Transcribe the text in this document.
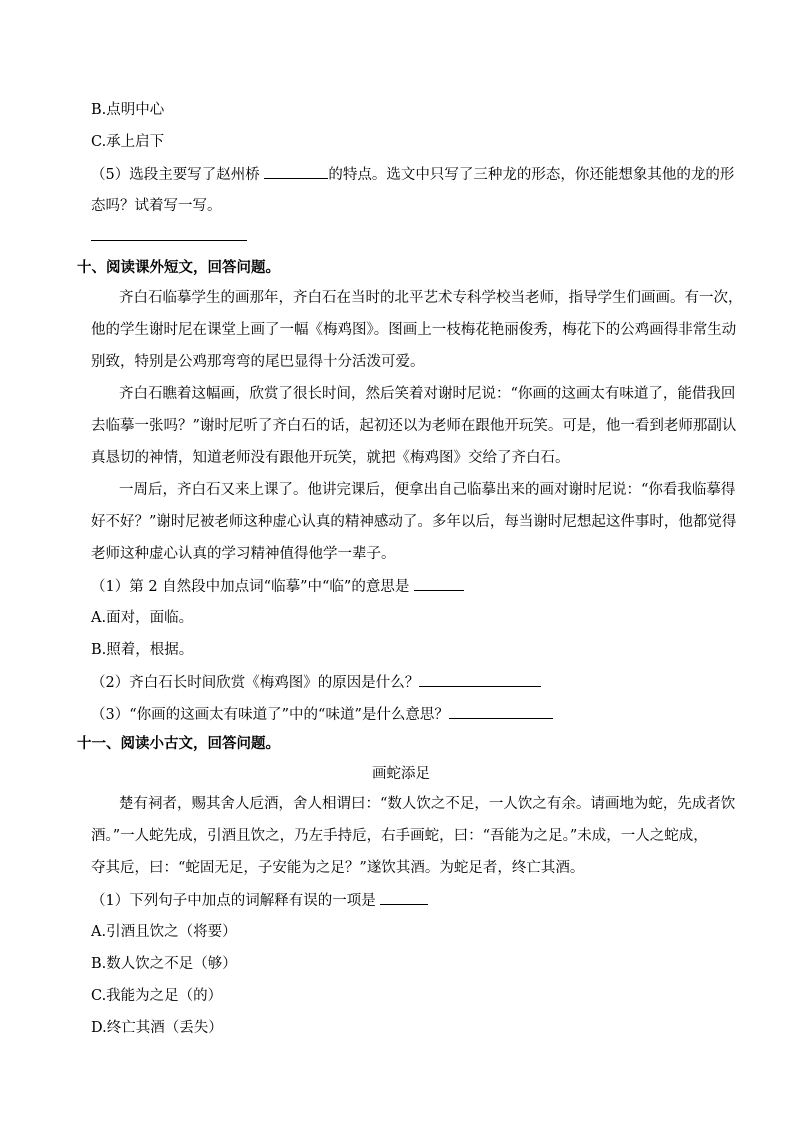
B.点明中心
C.承上启下
（5）选段主要写了赵州桥	的特点。选文中只写了三种龙的形态，你还能想象其他的龙的形
态吗？试着写一写。
十、阅读课外短文，回答问题。
齐白石临摹学生的画那年，齐白石在当时的北平艺术专科学校当老师，指导学生们画画。有一次，
他的学生谢时尼在课堂上画了一幅《梅鸡图》。图画上一枝梅花艳丽俊秀，梅花下的公鸡画得非常生动
别致，特别是公鸡那弯弯的尾巴显得十分活泼可爱。
齐白石瞧着这幅画，欣赏了很长时间，然后笑着对谢时尼说：“你画的这画太有味道了，能借我回
去临摹一张吗？”谢时尼听了齐白石的话，起初还以为老师在跟他开玩笑。可是，他一看到老师那副认
真恳切的神情，知道老师没有跟他开玩笑，就把《梅鸡图》交给了齐白石。
一周后，齐白石又来上课了。他讲完课后，便拿出自己临摹出来的画对谢时尼说：“你看我临摹得
好不好？”谢时尼被老师这种虚心认真的精神感动了。多年以后，每当谢时尼想起这件事时，他都觉得
老师这种虚心认真的学习精神值得他学一辈子。
（1）第 2 自然段中加点词“临摹”中“临”的意思是
A.面对，面临。
B.照着，根据。
（2）齐白石长时间欣赏《梅鸡图》的原因是什么？
（3）“你画的这画太有味道了”中的“味道”是什么意思？
十一、阅读小古文，回答问题。
画蛇添足
楚有祠者，赐其舍人卮酒，舍人相谓曰：“数人饮之不足，一人饮之有余。请画地为蛇，先成者饮
酒。”一人蛇先成，引酒且饮之，乃左手持卮，右手画蛇，曰：“吾能为之足。”未成，一人之蛇成，
夺其卮，曰：“蛇固无足，子安能为之足？”遂饮其酒。为蛇足者，终亡其酒。
（1）下列句子中加点的词解释有误的一项是
A.引酒且饮之（将要）
B.数人饮之不足（够）
C.我能为之足（的）
D.终亡其酒（丢失）
